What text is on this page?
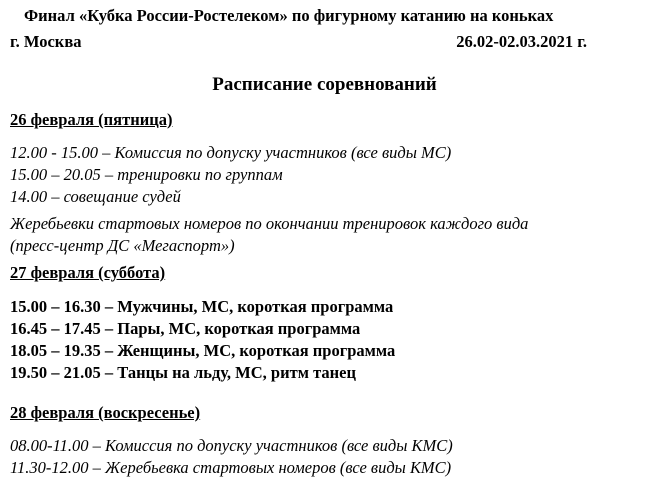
Финал «Кубка России-Ростелеком» по фигурному катанию на коньках
г. Москва	26.02-02.03.2021 г.
Расписание соревнований
26 февраля (пятница)
12.00 - 15.00 – Комиссия по допуску участников (все виды МС)
15.00 – 20.05 – тренировки по группам
14.00 – совещание судей
Жеребьевки стартовых номеров по окончании тренировок каждого вида
(пресс-центр ДС «Мегаспорт»)
27 февраля (суббота)
15.00 – 16.30 – Мужчины, МС, короткая программа
16.45 – 17.45 – Пары, МС, короткая программа
18.05 – 19.35 – Женщины, МС, короткая программа
19.50 – 21.05 – Танцы на льду, МС, ритм танец
28 февраля (воскресенье)
08.00-11.00 – Комиссия по допуску участников (все виды КМС)
11.30-12.00 – Жеребьевка стартовых номеров (все виды КМС)
